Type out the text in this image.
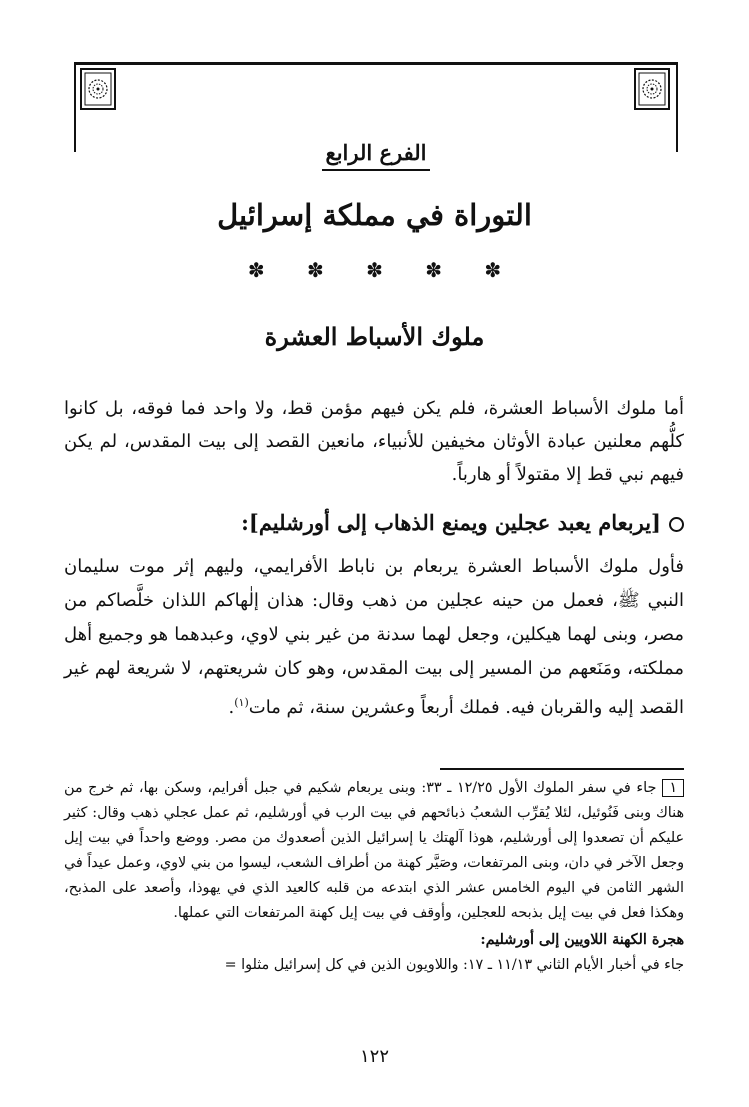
الفرع الرابع
التوراة في مملكة إسرائيل
✽ ✽ ✽ ✽ ✽
ملوك الأسباط العشرة
أما ملوك الأسباط العشرة، فلم يكن فيهم مؤمن قط، ولا واحد فما فوقه، بل كانوا كلُّهم معلنين عبادة الأوثان مخيفين للأنبياء، مانعين القصد إلى بيت المقدس، لم يكن فيهم نبي قط إلا مقتولاً أو هارباً.
[يربعام يعبد عجلين ويمنع الذهاب إلى أورشليم]:
فأول ملوك الأسباط العشرة يربعام بن ناباط الأفرايمي، وليهم إثر موت سليمان النبي ﷺ، فعمل من حينه عجلين من ذهب وقال: هذان إلٰهاكم اللذان خلَّصاكم من مصر، وبنى لهما هيكلين، وجعل لهما سدنة من غير بني لاوي، وعبدهما هو وجميع أهل مملكته، ومَنَعهم من المسير إلى بيت المقدس، وهو كان شريعتهم، لا شريعة لهم غير القصد إليه والقربان فيه. فملك أربعاً وعشرين سنة، ثم مات$^{(١)}$.
١جاء في سفر الملوك الأول ١٢/٢٥ ـ ٣٣: وبنى يربعام شكيم في جبل أفرايم، وسكن بها، ثم خرج من هناك وبنى فَنُوئيل، لئلا يُقرِّب الشعبُ ذبائحهم في بيت الرب في أورشليم، ثم عمل عجلي ذهب وقال: كثير عليكم أن تصعدوا إلى أورشليم، هوذا آلهتك يا إسرائيل الذين أصعدوك من مصر. ووضع واحداً في بيت إيل وجعل الآخر في دان، وبنى المرتفعات، وصَيَّر كهنة من أطراف الشعب، ليسوا من بني لاوي، وعمل عيداً في الشهر الثامن في اليوم الخامس عشر الذي ابتدعه من قلبه كالعيد الذي في يهوذا، وأصعد على المذبح، وهكذا فعل في بيت إيل بذبحه للعجلين، وأوقف في بيت إيل كهنة المرتفعات التي عملها.
هجرة الكهنة اللاويين إلى أورشليم:
جاء في أخبار الأيام الثاني ١١/١٣ ـ ١٧: واللاويون الذين في كل إسرائيل مثلوا =
١٢٢
